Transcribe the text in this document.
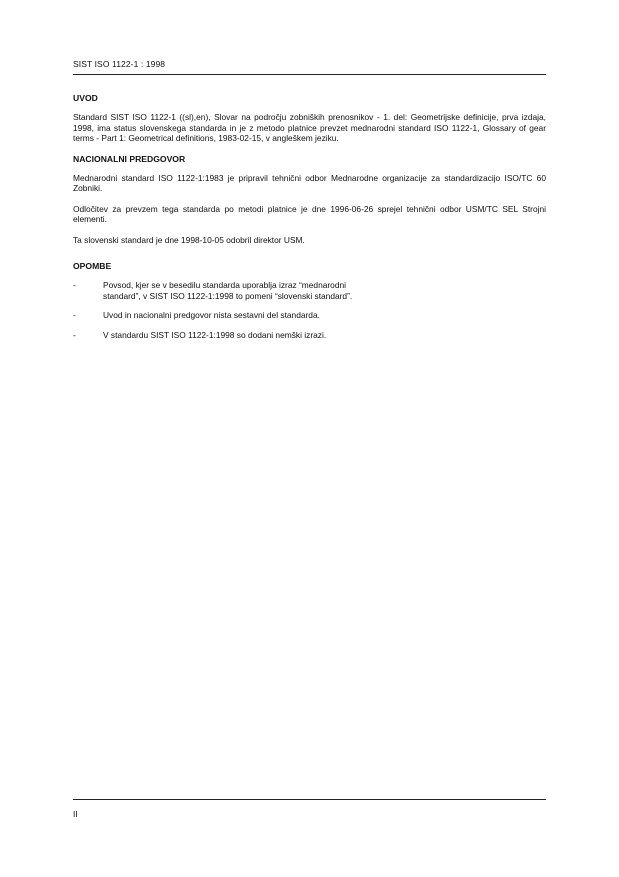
SIST ISO 1122-1 : 1998
UVOD

Standard SIST ISO 1122-1 ((sl),en), Slovar na področju zobniških prenosnikov - 1. del: Geometrijske definicije, prva izdaja, 1998, ima status slovenskega standarda in je z metodo platnice prevzet mednarodni standard ISO 1122-1, Glossary of gear terms - Part 1: Geometrical definitions, 1983-02-15, v angleškem jeziku.

NACIONALNI PREDGOVOR

Mednarodni standard ISO 1122-1:1983 je pripravil tehnični odbor Mednarodne organizacije za standardizacijo ISO/TC 60 Zobniki.

Odločitev za prevzem tega standarda po metodi platnice je dne 1996-06-26 sprejel tehnični odbor USM/TC SEL Strojni elementi.

Ta slovenski standard je dne 1998-10-05 odobril direktor USM.

OPOMBE
-	Povsod, kjer se v besedilu standarda uporablja izraz “mednarodni standard”, v SIST ISO 1122-1:1998 to pomeni “slovenski standard”.
-	Uvod in nacionalni predgovor nista sestavni del standarda.
-	V standardu SIST ISO 1122-1:1998 so dodani nemški izrazi.
II
